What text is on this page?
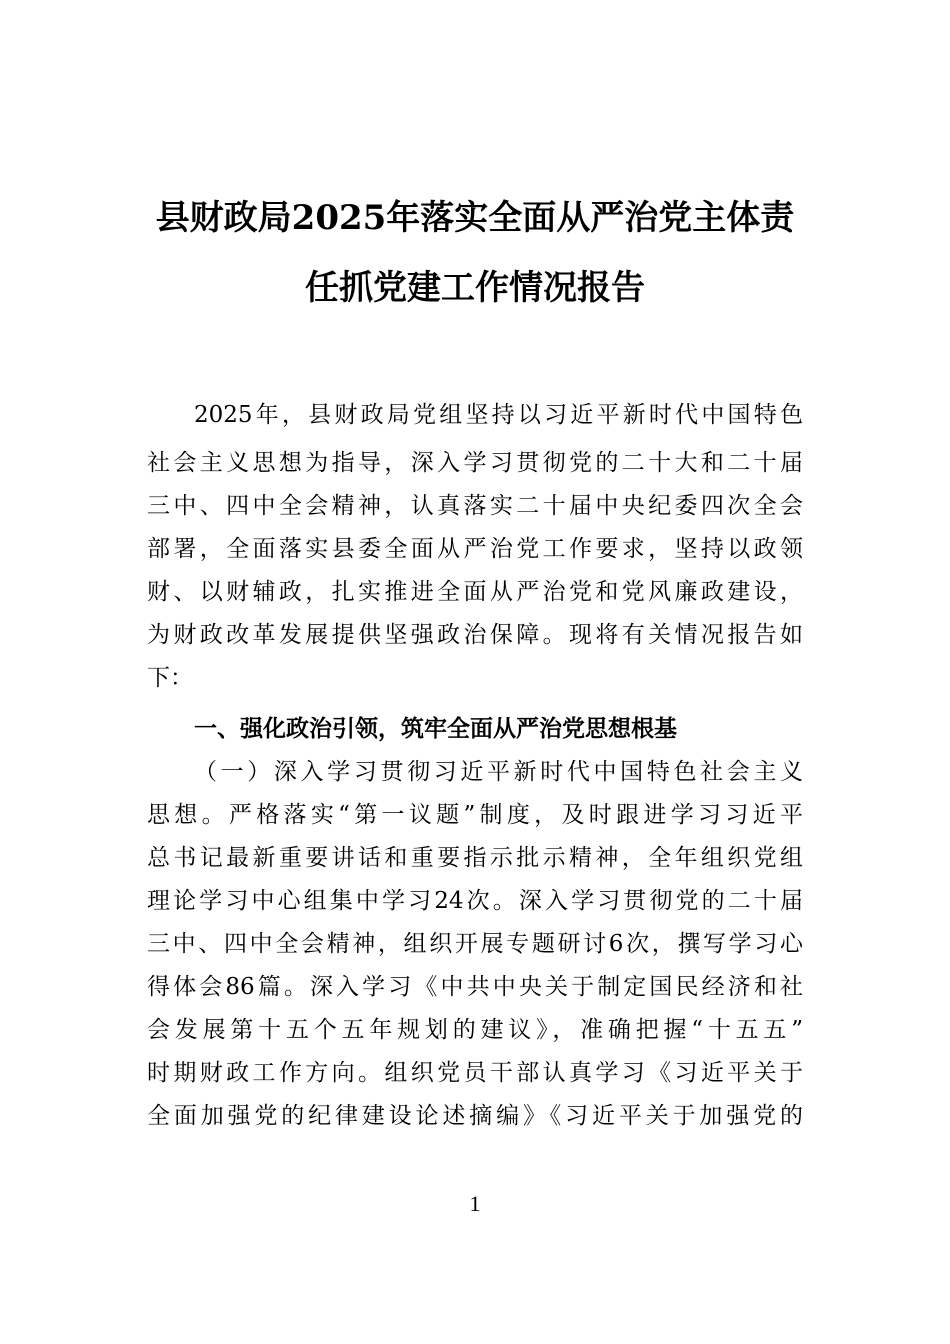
县财政局2025年落实全面从严治党主体责
任抓党建工作情况报告
2025年，县财政局党组坚持以习近平新时代中国特色
社会主义思想为指导，深入学习贯彻党的二十大和二十届
三中、四中全会精神，认真落实二十届中央纪委四次全会
部署，全面落实县委全面从严治党工作要求，坚持以政领
财、以财辅政，扎实推进全面从严治党和党风廉政建设，
为财政改革发展提供坚强政治保障。现将有关情况报告如
下：
一、强化政治引领，筑牢全面从严治党思想根基
（一）深入学习贯彻习近平新时代中国特色社会主义
思想。严格落实“第一议题”制度，及时跟进学习习近平
总书记最新重要讲话和重要指示批示精神，全年组织党组
理论学习中心组集中学习24次。深入学习贯彻党的二十届
三中、四中全会精神，组织开展专题研讨6次，撰写学习心
得体会86篇。深入学习《中共中央关于制定国民经济和社
会发展第十五个五年规划的建议》，准确把握“十五五”
时期财政工作方向。组织党员干部认真学习《习近平关于
全面加强党的纪律建设论述摘编》《习近平关于加强党的
1
